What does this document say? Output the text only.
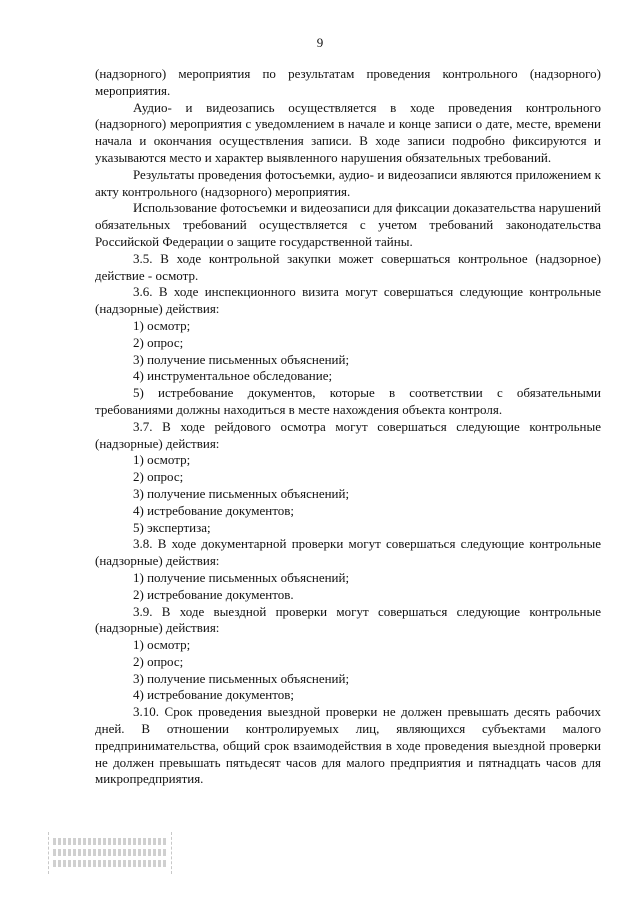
9

(надзорного) мероприятия по результатам проведения контрольного (надзорного) мероприятия.

Аудио- и видеозапись осуществляется в ходе проведения контрольного (надзорного) мероприятия с уведомлением в начале и конце записи о дате, месте, времени начала и окончания осуществления записи. В ходе записи подробно фиксируются и указываются место и характер выявленного нарушения обязательных требований.

Результаты проведения фотосъемки, аудио- и видеозаписи являются приложением к акту контрольного (надзорного) мероприятия.

Использование фотосъемки и видеозаписи для фиксации доказательства нарушений обязательных требований осуществляется с учетом требований законодательства Российской Федерации о защите государственной тайны.

3.5. В ходе контрольной закупки может совершаться контрольное (надзорное) действие - осмотр.

3.6. В ходе инспекционного визита могут совершаться следующие контрольные (надзорные) действия:

1) осмотр;

2) опрос;

3) получение письменных объяснений;

4) инструментальное обследование;

5) истребование документов, которые в соответствии с обязательными требованиями должны находиться в месте нахождения объекта контроля.

3.7. В ходе рейдового осмотра могут совершаться следующие контрольные (надзорные) действия:

1) осмотр;

2) опрос;

3) получение письменных объяснений;

4) истребование документов;

5) экспертиза;

3.8. В ходе документарной проверки могут совершаться следующие контрольные (надзорные) действия:

1) получение письменных объяснений;

2) истребование документов.

3.9. В ходе выездной проверки могут совершаться следующие контрольные (надзорные) действия:

1) осмотр;

2) опрос;

3) получение письменных объяснений;

4) истребование документов;

3.10. Срок проведения выездной проверки не должен превышать десять рабочих дней. В отношении контролируемых лиц, являющихся субъектами малого предпринимательства, общий срок взаимодействия в ходе проведения выездной проверки не должен превышать пятьдесят часов для малого предприятия и пятнадцать часов для микропредприятия.
